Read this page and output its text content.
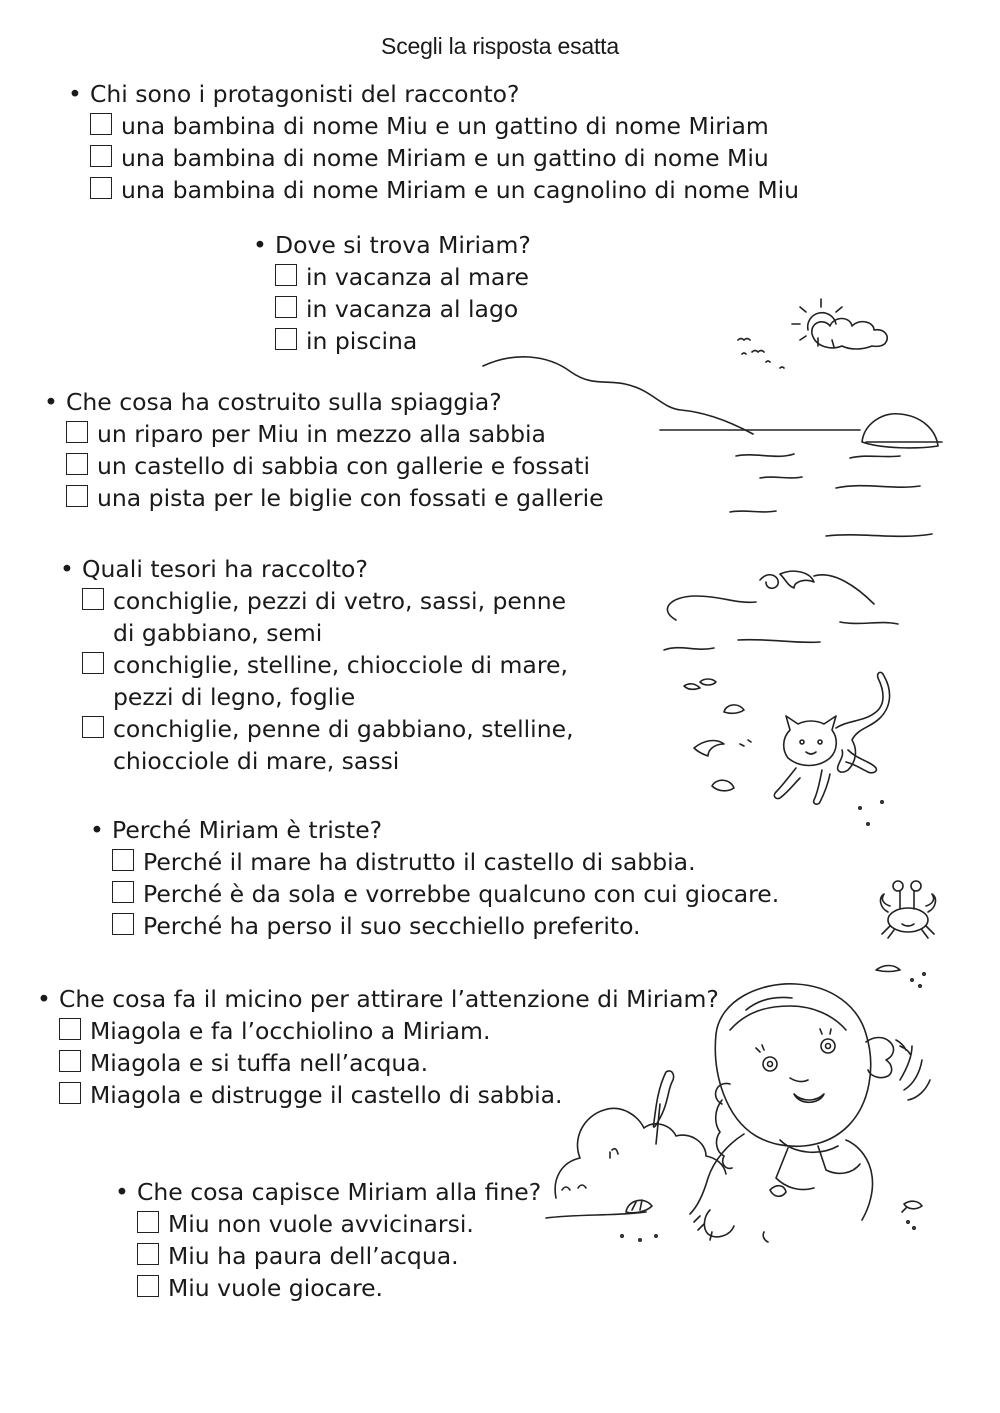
Scegli la risposta esatta

• Chi sono i protagonisti del racconto?

una bambina di nome Miu e un gattino di nome Miriam
una bambina di nome Miriam e un gattino di nome Miu
una bambina di nome Miriam e un cagnolino di nome Miu

• Dove si trova Miriam?

in vacanza al mare
in vacanza al lago
in piscina

• Che cosa ha costruito sulla spiaggia?

un riparo per Miu in mezzo alla sabbia
un castello di sabbia con gallerie e fossati
una pista per le biglie con fossati e gallerie

• Quali tesori ha raccolto?

conchiglie, pezzi di vetro, sassi, penne
di gabbiano, semi
conchiglie, stelline, chiocciole di mare,
pezzi di legno, foglie
conchiglie, penne di gabbiano, stelline,
chiocciole di mare, sassi

• Perché Miriam è triste?

Perché il mare ha distrutto il castello di sabbia.
Perché è da sola e vorrebbe qualcuno con cui giocare.
Perché ha perso il suo secchiello preferito.

• Che cosa fa il micino per attirare l’attenzione di Miriam?

Miagola e fa l’occhiolino a Miriam.
Miagola e si tuffa nell’acqua.
Miagola e distrugge il castello di sabbia.

• Che cosa capisce Miriam alla fine?

Miu non vuole avvicinarsi.
Miu ha paura dell’acqua.
Miu vuole giocare.
